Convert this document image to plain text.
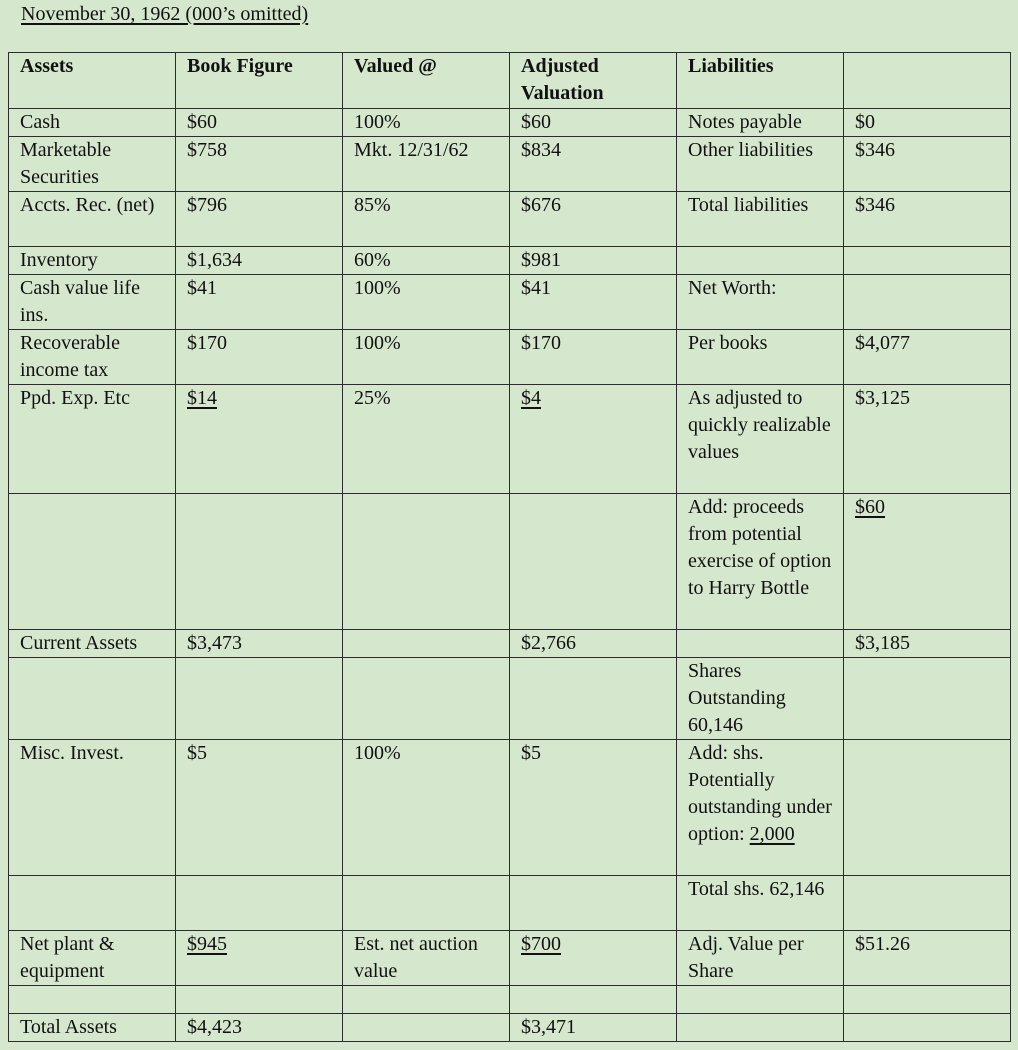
November 30, 1962 (000’s omitted)
Assets	Book Figure	Valued @	Adjusted Valuation	Liabilities	
Cash	$60	100%	$60	Notes payable	$0
Marketable Securities	$758	Mkt. 12/31/62	$834	Other liabilities	$346
Accts. Rec. (net)	$796	85%	$676	Total liabilities	$346
Inventory	$1,634	60%	$981		
Cash value life ins.	$41	100%	$41	Net Worth:	
Recoverable income tax	$170	100%	$170	Per books	$4,077
Ppd. Exp. Etc	$14	25%	$4	As adjusted to quickly realizable values	$3,125
				Add: proceeds from potential exercise of option to Harry Bottle	$60
Current Assets	$3,473		$2,766		$3,185
				Shares Outstanding 60,146	
Misc. Invest.	$5	100%	$5	Add: shs. Potentially outstanding under option: 2,000	
				Total shs. 62,146	
Net plant & equipment	$945	Est. net auction value	$700	Adj. Value per Share	$51.26

Total Assets	$4,423		$3,471		
